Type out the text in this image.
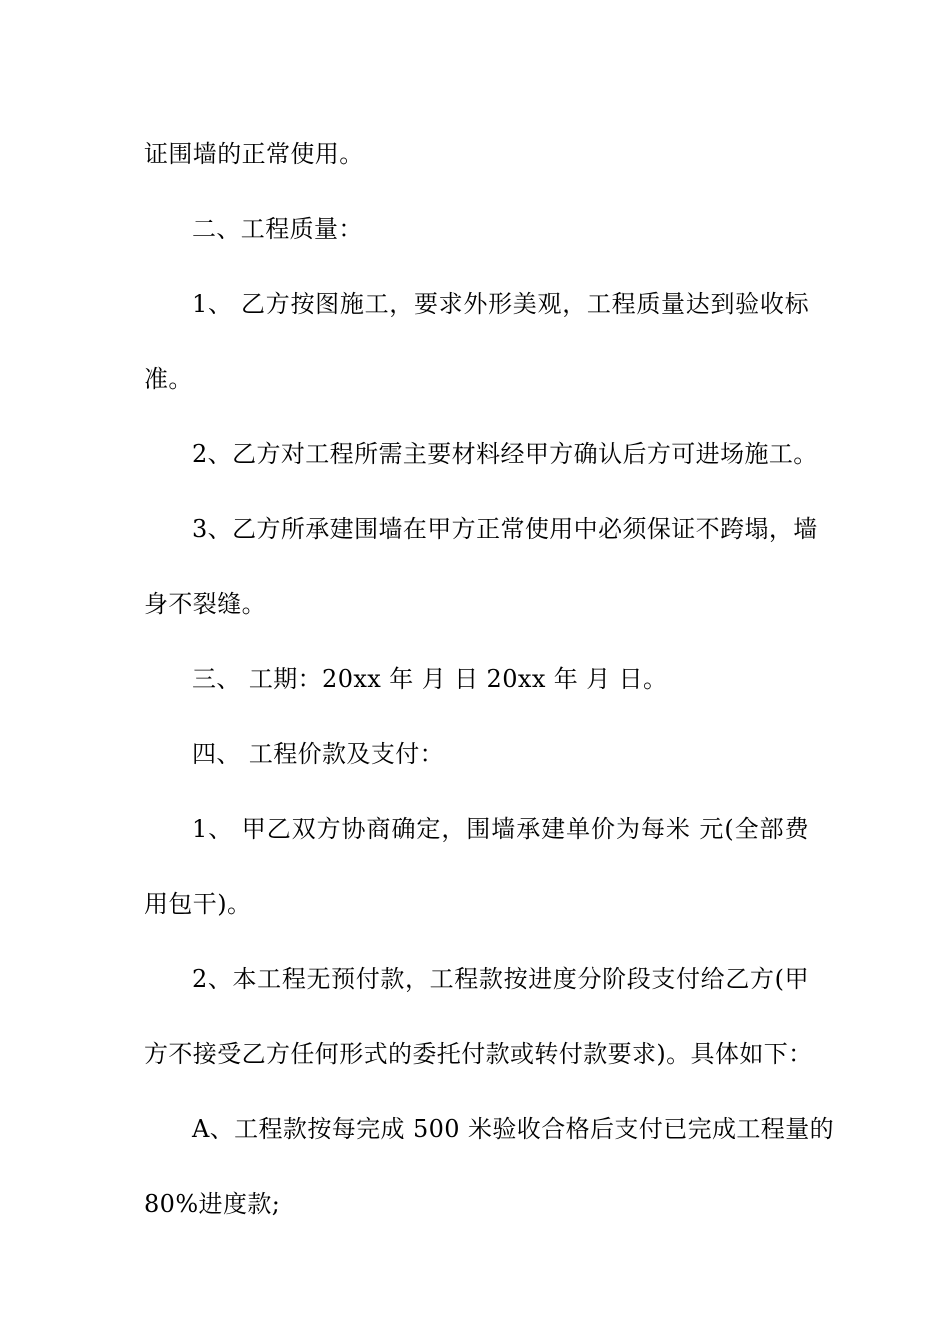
证围墙的正常使用。
二、工程质量：
1、 乙方按图施工，要求外形美观，工程质量达到验收标
准。
2、乙方对工程所需主要材料经甲方确认后方可进场施工。
3、乙方所承建围墙在甲方正常使用中必须保证不跨塌，墙
身不裂缝。
三、 工期：20xx 年 月 日 20xx 年 月 日。
四、 工程价款及支付：
1、 甲乙双方协商确定，围墙承建单价为每米 元(全部费
用包干)。
2、本工程无预付款，工程款按进度分阶段支付给乙方(甲
方不接受乙方任何形式的委托付款或转付款要求)。具体如下：
A、工程款按每完成 500 米验收合格后支付已完成工程量的
80%进度款;
